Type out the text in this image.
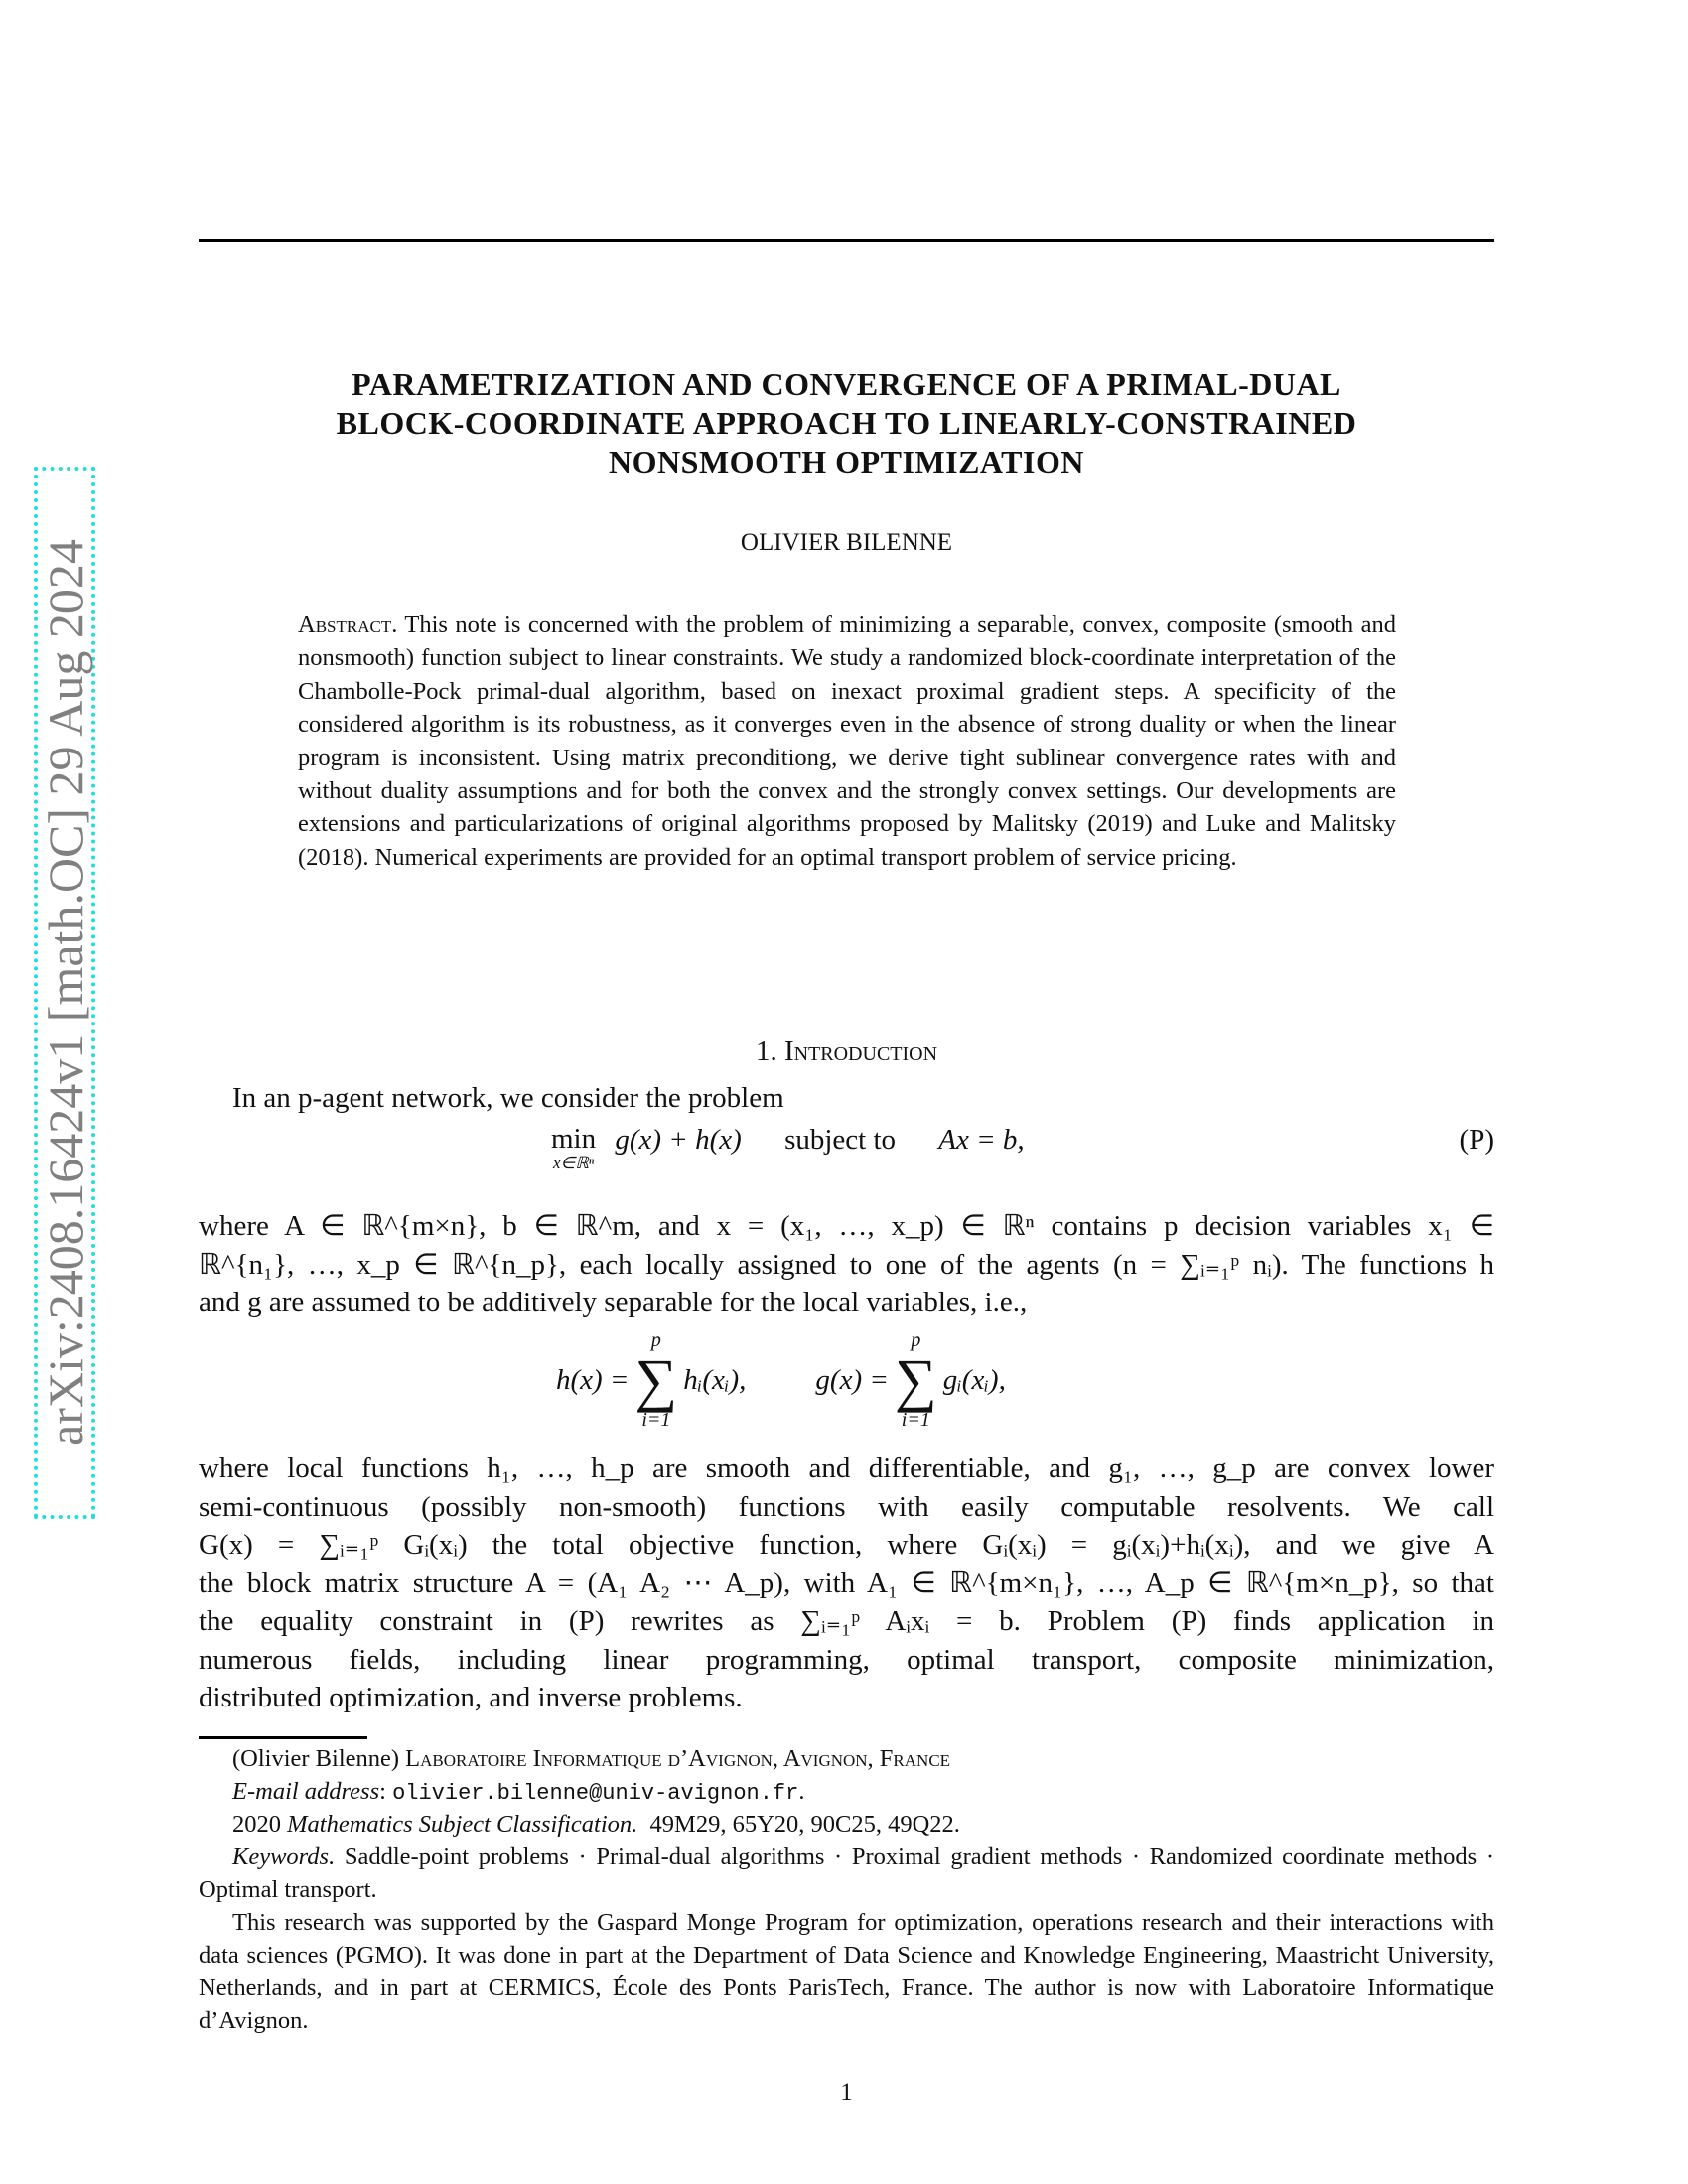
arXiv:2408.16424v1 [math.OC] 29 Aug 2024
PARAMETRIZATION AND CONVERGENCE OF A PRIMAL-DUAL
BLOCK-COORDINATE APPROACH TO LINEARLY-CONSTRAINED
NONSMOOTH OPTIMIZATION
OLIVIER BILENNE
Abstract. This note is concerned with the problem of minimizing a separable, convex, composite (smooth and nonsmooth) function subject to linear constraints. We study a randomized block-coordinate interpretation of the Chambolle-Pock primal-dual algorithm, based on inexact proximal gradient steps. A specificity of the considered algorithm is its robustness, as it converges even in the absence of strong duality or when the linear program is inconsistent. Using matrix preconditiong, we derive tight sublinear convergence rates with and without duality assumptions and for both the convex and the strongly convex settings. Our developments are extensions and particularizations of original algorithms proposed by Malitsky (2019) and Luke and Malitsky (2018). Numerical experiments are provided for an optimal transport problem of service pricing.
1. Introduction
In an p-agent network, we consider the problem
min
x∈ℝⁿ
g(x) + h(x) subject to Ax = b,	(P)
where A ∈ ℝ^{m×n}, b ∈ ℝ^m, and x = (x₁, …, x_p) ∈ ℝⁿ contains p decision variables x₁ ∈
ℝ^{n₁}, …, x_p ∈ ℝ^{n_p}, each locally assigned to one of the agents (n = ∑ᵢ₌₁ᵖ nᵢ). The functions h
and g are assumed to be additively separable for the local variables, i.e.,
h(x) =
p
∑
i=1
hᵢ(xᵢ), g(x) =
p
∑
i=1
gᵢ(xᵢ),
where local functions h₁, …, h_p are smooth and differentiable, and g₁, …, g_p are convex lower
semi-continuous (possibly non-smooth) functions with easily computable resolvents. We call
G(x) = ∑ᵢ₌₁ᵖ Gᵢ(xᵢ) the total objective function, where Gᵢ(xᵢ) = gᵢ(xᵢ)+hᵢ(xᵢ), and we give A
the block matrix structure A = (A₁ A₂ ⋯ A_p), with A₁ ∈ ℝ^{m×n₁}, …, A_p ∈ ℝ^{m×n_p}, so that
the equality constraint in (P) rewrites as ∑ᵢ₌₁ᵖ Aᵢxᵢ = b. Problem (P) finds application in
numerous fields, including linear programming, optimal transport, composite minimization,
distributed optimization, and inverse problems.
(Olivier Bilenne) Laboratoire Informatique d’Avignon, Avignon, France
E-mail address: olivier.bilenne@univ-avignon.fr.
2020 Mathematics Subject Classification. 49M29, 65Y20, 90C25, 49Q22.
Keywords. Saddle-point problems · Primal-dual algorithms · Proximal gradient methods · Randomized coordinate methods · Optimal transport.
This research was supported by the Gaspard Monge Program for optimization, operations research and their interactions with data sciences (PGMO). It was done in part at the Department of Data Science and Knowledge Engineering, Maastricht University, Netherlands, and in part at CERMICS, École des Ponts ParisTech, France. The author is now with Laboratoire Informatique d’Avignon.
1
